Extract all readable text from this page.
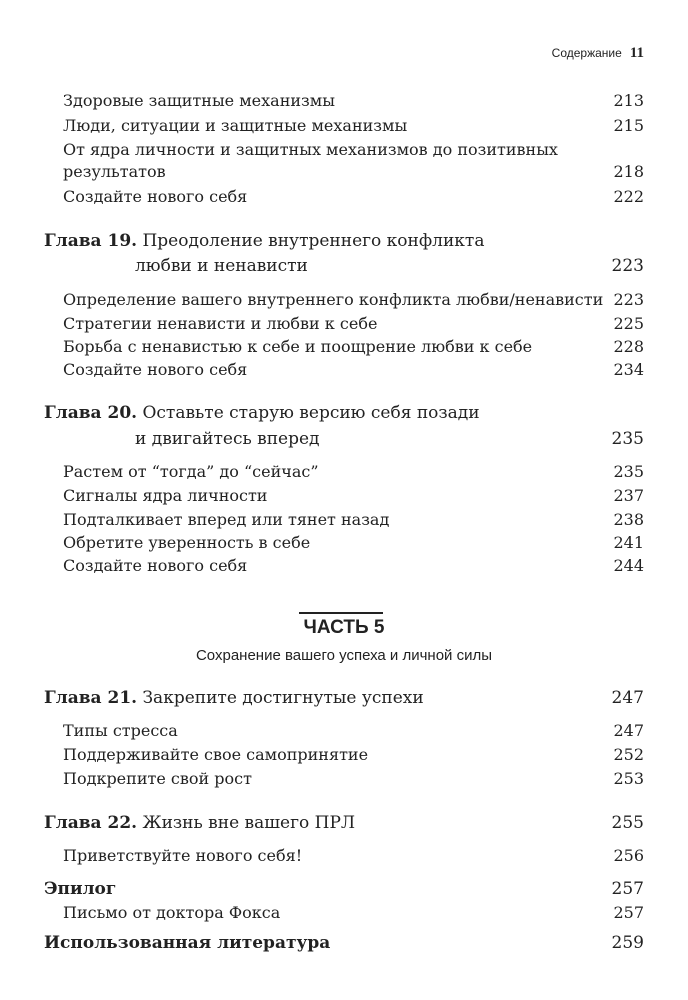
Содержание 11
Здоровые защитные механизмы	213
Люди, ситуации и защитные механизмы	215
От ядра личности и защитных механизмов до позитивных
результатов	218
Создайте нового себя	222
Глава 19. Преодоление внутреннего конфликта
любви и ненависти	223
Определение вашего внутреннего конфликта любви/ненависти 223
Стратегии ненависти и любви к себе	225
Борьба с ненавистью к себе и поощрение любви к себе	228
Создайте нового себя	234
Глава 20. Оставьте старую версию себя позади
и двигайтесь вперед	235
Растем от “тогда” до “сейчас”	235
Сигналы ядра личности	237
Подталкивает вперед или тянет назад	238
Обретите уверенность в себе	241
Создайте нового себя	244
ЧАСТЬ 5
Сохранение вашего успеха и личной силы
Глава 21. Закрепите достигнутые успехи	247
Типы стресса	247
Поддерживайте свое самопринятие	252
Подкрепите свой рост	253
Глава 22. Жизнь вне вашего ПРЛ	255
Приветствуйте нового себя!	256
Эпилог	257
Письмо от доктора Фокса	257
Использованная литература	259
